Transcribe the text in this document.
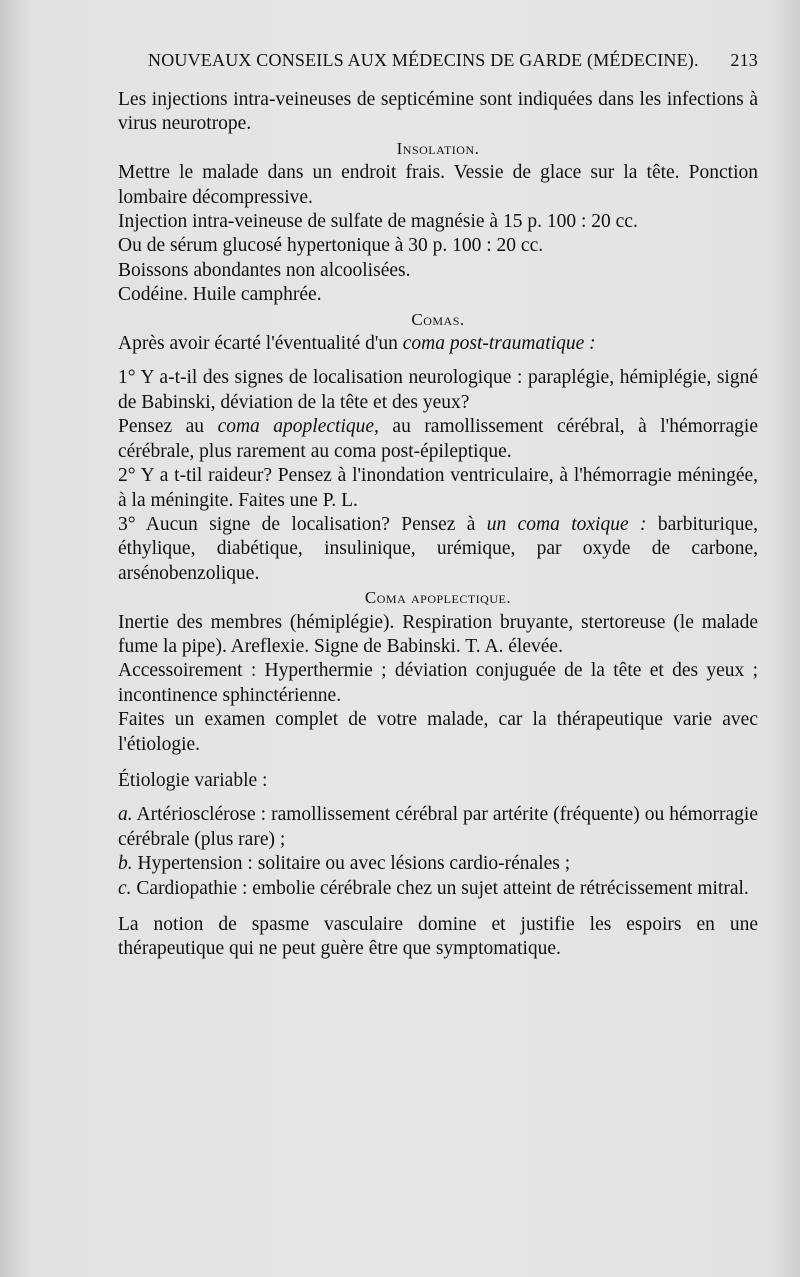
NOUVEAUX CONSEILS AUX MÉDECINS DE GARDE (MÉDECINE). 213

Les injections intra-veineuses de septicémine sont indiquées dans les infections à virus neurotrope.

Insolation.

Mettre le malade dans un endroit frais. Vessie de glace sur la tête. Ponction lombaire décompressive.

Injection intra-veineuse de sulfate de magnésie à 15 p. 100 : 20 cc.

Ou de sérum glucosé hypertonique à 30 p. 100 : 20 cc.

Boissons abondantes non alcoolisées.

Codéine. Huile camphrée.

Comas.

Après avoir écarté l'éventualité d'un coma post-traumatique :

1° Y a-t-il des signes de localisation neurologique : paraplégie, hémiplégie, signé de Babinski, déviation de la tête et des yeux?

Pensez au coma apoplectique, au ramollissement cérébral, à l'hémorragie cérébrale, plus rarement au coma post-épileptique.

2° Y a t-til raideur? Pensez à l'inondation ventriculaire, à l'hémorragie méningée, à la méningite. Faites une P. L.

3° Aucun signe de localisation? Pensez à un coma toxique : barbiturique, éthylique, diabétique, insulinique, urémique, par oxyde de carbone, arsénobenzolique.

Coma apoplectique.

Inertie des membres (hémiplégie). Respiration bruyante, stertoreuse (le malade fume la pipe). Areflexie. Signe de Babinski. T. A. élevée.

Accessoirement : Hyperthermie ; déviation conjuguée de la tête et des yeux ; incontinence sphinctérienne.

Faites un examen complet de votre malade, car la thérapeutique varie avec l'étiologie.

Étiologie variable :

a. Artériosclérose : ramollissement cérébral par artérite (fréquente) ou hémorragie cérébrale (plus rare) ;

b. Hypertension : solitaire ou avec lésions cardio-rénales ;

c. Cardiopathie : embolie cérébrale chez un sujet atteint de rétrécissement mitral.

La notion de spasme vasculaire domine et justifie les espoirs en une thérapeutique qui ne peut guère être que symptomatique.
